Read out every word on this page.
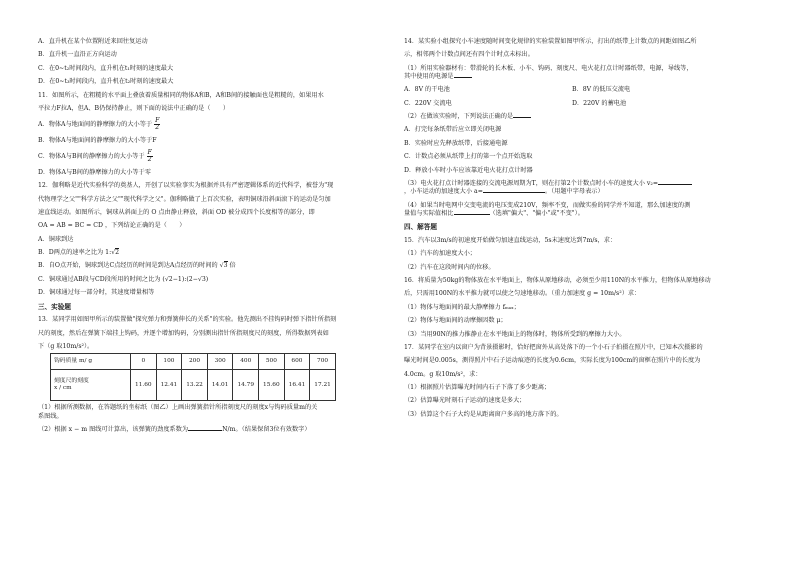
A．直升机在某个位置附近来回往复运动

B．直升机一直沿正方向运动

C．在0~t₂时间段内，直升机在t₁时刻的速度最大

D．在0~t₃时间段内，直升机在t₂时刻的速度最大

11．如图所示，在粗糙的水平面上叠放着质量相同的物体A和B，A和B间的接触面也是粗糙的，如果用水

平拉力F拉A，但A、B仍保持静止，则下面的说法中正确的是（　　）

A．物体A与地面间的静摩擦力的大小等于 $\frac{F}{2}$

B．物体A与地面间的静摩擦力的大小等于F

C．物体A与B间的静摩擦力的大小等于 $\frac{F}{2}$

D．物体A与B间的静摩擦力的大小等于零

12．伽利略是近代实验科学的奠基人，开创了以实验事实为根据并具有严密逻辑体系的近代科学，被誉为"现

代物理学之父""科学方法之父""现代科学之父"。伽利略做了上百次实验，表明铜球沿斜面滚下的运动是匀加

速直线运动。如图所示，铜球从斜面上的 O 点由静止释放，斜面 OD 被分成四个长度相等的部分，即

OA = AB = BC = CD ，下列结论正确的是（　　）

A．铜球到达

B．D两点的速率之比为 1:√2

B．自O点开始，铜球到达C点经历的时间是到达A点经历的时间的 √3 倍

C．铜球通过AB段与CD段所用的时间之比为 (√2−1):(2−√3)

D．铜球通过每一部分时，其速度增量相等

三、实验题

13．某同学用如图甲所示的装置做"探究弹力和弹簧伸长的关系"的实验。他先测出不挂钩码时弹下指针所指刻

尺的刻度，然后在弹簧下端挂上钩码，并逐个增加钩码，分别测出指针所指刻度尺的刻度，所得数据列表如

下（g 取10m/s²）。

钩码质量 m/ g	0	100	200	300	400	500	600	700
刻度尺的刻度
x / cm	11.60	12.41	13.22	14.01	14.79	15.60	16.41	17.21

（1）根据所测数据，在答题纸的坐标纸（图乙）上画出弹簧指针所指刻度尺的刻度x与钩码质量m的关

系图线。

（2）根据 x − m 图线可计算出，该弹簧的劲度系数为	N/m。（结果保留3位有效数字）

14．某实验小组探究小车速度随时间变化规律的实验装置如图甲所示，打出的纸带上计数点的间距如图乙所

示，相邻两个计数点间还有四个计时点未标出。

（1）所用实验器材有：带滑轮的长木板、小车、钩码、刻度尺、电火花打点计时器纸带，电源，导线等，

其中使用的电源是

A．8V 的干电池	B．8V 的低压交流电

C．220V 交流电	D．220V 的蓄电池

（2）在做该实验时，下列说法正确的是

A．打完每条纸带后应立即关闭电源

B．实验时应先释放纸带，后接通电源

C．计数点必须从纸带上打的第一个点开始选取

D．释放小车时小车应该靠近电火花打点计时器

（3）电火花打点计时器连接的交流电源周期为T，则在打第2个计数点时小车的速度大小 v₂=

，小车运动的加速度大小 a=	。（用题中字母表示）

（4）如果当时电网中交变电流的电压变成210V，频率不变，而做实验的同学并不知道，那么加速度的测

量值与实际值相比	（选填"偏大"、"偏小"或"不变"）。

四、解答题

15．汽车以3m/s的初速度开始做匀加速直线运动，5s末速度达到7m/s，求：

（1）汽车的加速度大小；

（2）汽车在这段时间内的位移。

16．将质量为50kg的物体放在水平地面上，物体从原地移动，必须至少用110N的水平推力，但物体从原地移动

后，只需用100N的水平推力就可以使之匀速地移动。（重力加速度 g = 10m/s²）求：

（1）物体与地面间的最大静摩擦力 fₘₐₓ；

（2）物体与地面间的动摩擦因数 μ；

（3）当用90N的推力推静止在水平地面上的物体时，物体所受到的摩擦力大小。

17．某同学在室内以窗户为背景摄影时，恰好把窗外从高处落下的一个小石子拍摄在照片中，已知本次摄影的

曝光时间是0.005s，测得照片中石子运动痕迹的长度为0.6cm，实际长度为100cm的窗框在照片中的长度为

4.0cm。g 取10m/s²，求：

（1）根据照片估算曝光时间内石子下落了多少距离；

（2）估算曝光时刻石子运动的速度是多大；

（3）估算这个石子大约是从距离窗户多高的地方落下的。
